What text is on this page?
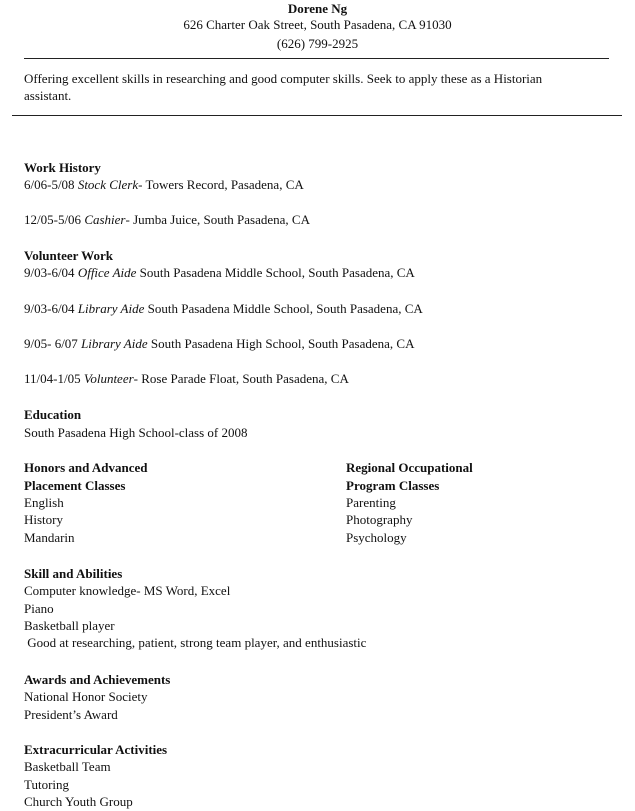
Dorene Ng
626 Charter Oak Street, South Pasadena, CA 91030
(626) 799-2925
Offering excellent skills in researching and good computer skills. Seek to apply these as a Historian assistant.
Work History
6/06-5/08 Stock Clerk- Towers Record, Pasadena, CA
12/05-5/06 Cashier- Jumba Juice, South Pasadena, CA
Volunteer Work
9/03-6/04 Office Aide South Pasadena Middle School, South Pasadena, CA
9/03-6/04 Library Aide South Pasadena Middle School, South Pasadena, CA
9/05- 6/07 Library Aide South Pasadena High School, South Pasadena, CA
11/04-1/05 Volunteer- Rose Parade Float, South Pasadena, CA
Education
South Pasadena High School-class of 2008
Honors and Advanced
Placement Classes
English
History
Mandarin
Regional Occupational
Program Classes
Parenting
Photography
Psychology
Skill and Abilities
Computer knowledge- MS Word, Excel
Piano
Basketball player
Good at researching, patient, strong team player, and enthusiastic
Awards and Achievements
National Honor Society
President’s Award
Extracurricular Activities
Basketball Team
Tutoring
Church Youth Group
